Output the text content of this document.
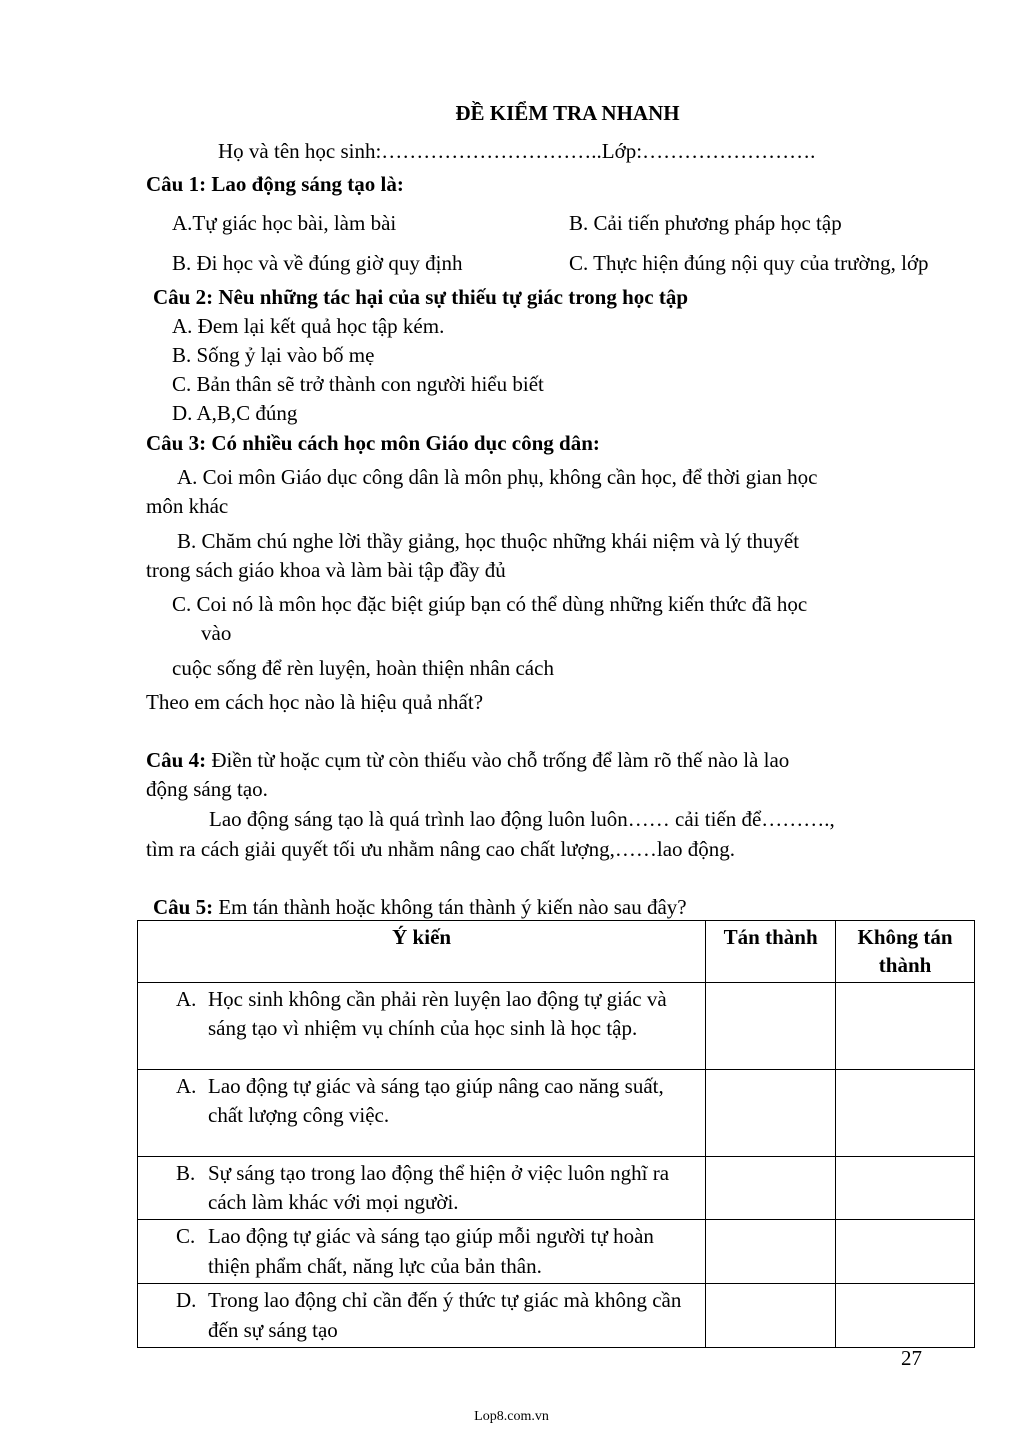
ĐỀ KIỂM TRA NHANH
Họ và tên học sinh:…………………………..Lớp:…………………….
Câu 1: Lao động sáng tạo là:
A.Tự giác học bài, làm bài	B. Cải tiến phương pháp học tập
B. Đi học và về đúng giờ quy định	C. Thực hiện đúng nội quy của trường, lớp
Câu 2: Nêu những tác hại của sự thiếu tự giác trong học tập
A. Đem lại kết quả học tập kém.
B. Sống ỷ lại vào bố mẹ
C. Bản thân sẽ trở thành con người hiểu biết
D. A,B,C đúng
Câu 3: Có nhiều cách học môn Giáo dục công dân:
A. Coi môn Giáo dục công dân là môn phụ, không cần học, để thời gian học
môn khác
B. Chăm chú nghe lời thầy giảng, học thuộc những khái niệm và lý thuyết
trong sách giáo khoa và làm bài tập đầy đủ
C. Coi nó là môn học đặc biệt giúp bạn có thể dùng những kiến thức đã học
vào
cuộc sống để rèn luyện, hoàn thiện nhân cách
Theo em cách học nào là hiệu quả nhất?
Câu 4: Điền từ hoặc cụm từ còn thiếu vào chỗ trống để làm rõ thế nào là lao
động sáng tạo.
Lao động sáng tạo là quá trình lao động luôn luôn…… cải tiến để……….,
tìm ra cách giải quyết tối ưu nhằm nâng cao chất lượng,……lao động.
Câu 5: Em tán thành hoặc không tán thành ý kiến nào sau đây?
Ý kiến	Tán thành	Không tán thành

A. Học sinh không cần phải rèn luyện lao động tự giác và sáng tạo vì nhiệm vụ chính của học sinh là học tập.		

A. Lao động tự giác và sáng tạo giúp nâng cao năng suất, chất lượng công việc.		

B. Sự sáng tạo trong lao động thể hiện ở việc luôn nghĩ ra cách làm khác với mọi người.		

C. Lao động tự giác và sáng tạo giúp mỗi người tự hoàn thiện phẩm chất, năng lực của bản thân.		

D. Trong lao động chỉ cần đến ý thức tự giác mà không cần đến sự sáng tạo		

27
Lop8.com.vn
